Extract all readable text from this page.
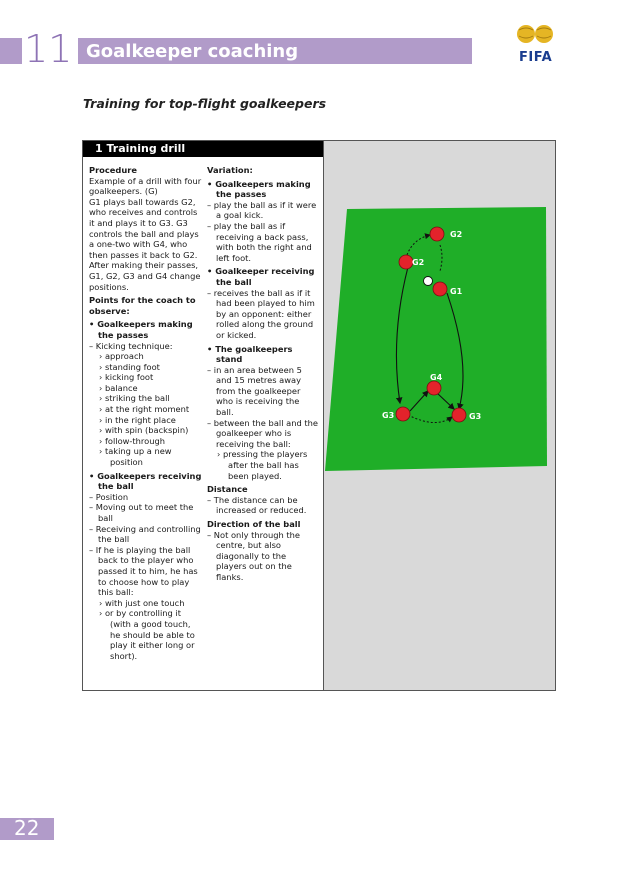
11 Goalkeeper coaching	FIFA
Training for top-flight goalkeepers
1 Training drill
Procedure
Example of a drill with four goalkeepers. (G)
G1 plays ball towards G2, who receives and controls it and plays it to G3. G3 controls the ball and plays a one-two with G4, who then passes it back to G2. After making their passes, G1, G2, G3 and G4 change positions.
Points for the coach to observe:
• Goalkeepers making the passes
– Kicking technique:
› approach
› standing foot
› kicking foot
› balance
› striking the ball
› at the right moment
› in the right place
› with spin (backspin)
› follow-through
› taking up a new position
• Goalkeepers receiving the ball
– Position
– Moving out to meet the ball
– Receiving and controlling the ball
– If he is playing the ball back to the player who passed it to him, he has to choose how to play this ball:
› with just one touch
› or by controlling it (with a good touch, he should be able to play it either long or short).
Variation:
• Goalkeepers making the passes
– play the ball as if it were a goal kick.
– play the ball as if receiving a back pass, with both the right and left foot.
• Goalkeeper receiving the ball
– receives the ball as if it had been played to him by an opponent: either rolled along the ground or kicked.
• The goalkeepers stand
– in an area between 5 and 15 metres away from the goalkeeper who is receiving the ball.
– between the ball and the goalkeeper who is receiving the ball:
› pressing the players after the ball has been played.
Distance
– The distance can be increased or reduced.
Direction of the ball
– Not only through the centre, but also diagonally to the players out on the flanks.
G2
G2
G1
G4
G3	G3
22
